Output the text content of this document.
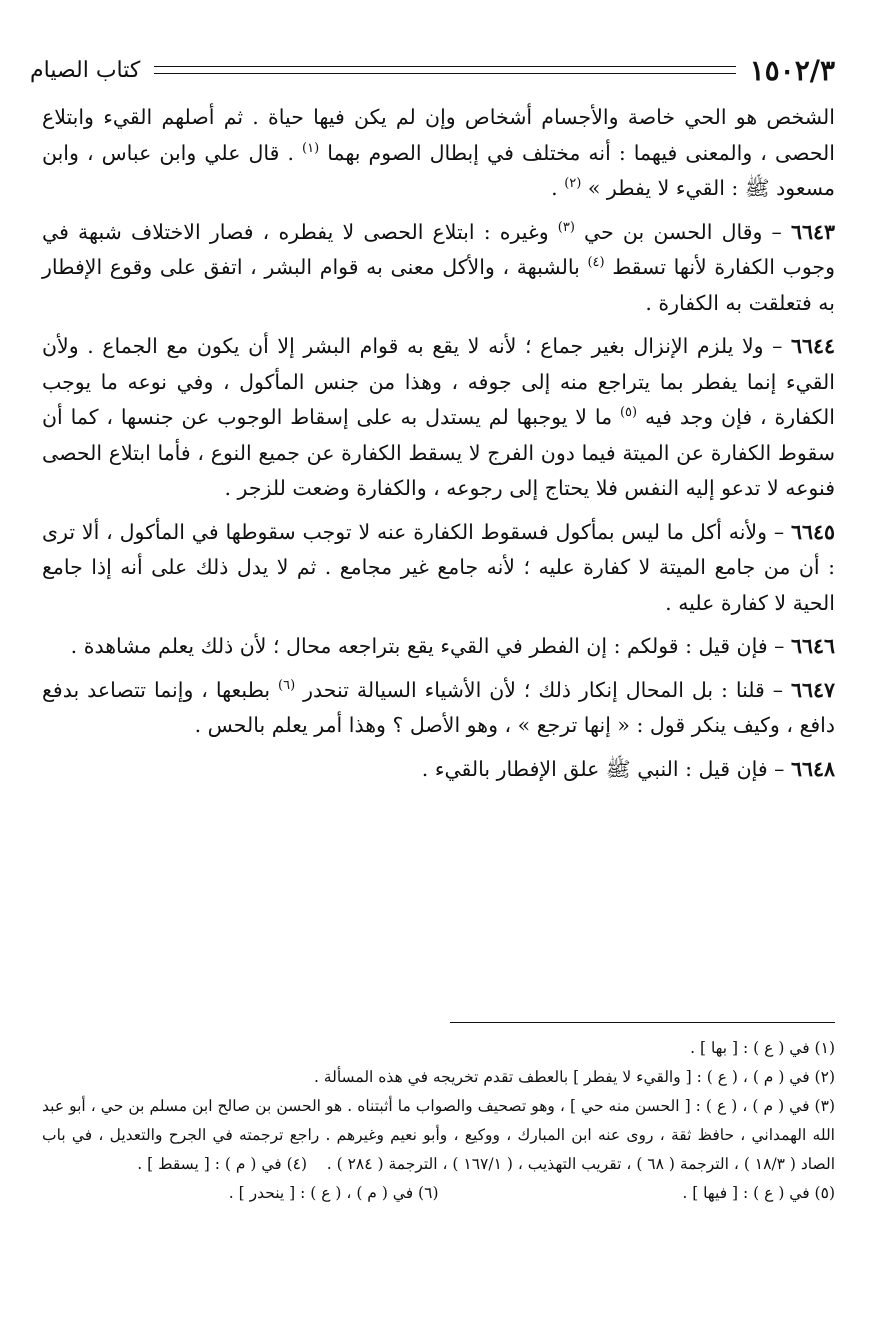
١٥٠٢/٣
كتاب الصيام

الشخص هو الحي خاصة والأجسام أشخاص وإن لم يكن فيها حياة . ثم أصلهم القيء وابتلاع الحصى ، والمعنى فيهما : أنه مختلف في إبطال الصوم بهما $^{(١)}$ . قال علي وابن عباس ، وابن مسعود ﷺ : القيء لا يفطر » $^{(٢)}$ .

٦٦٤٣ – وقال الحسن بن حي $^{(٣)}$ وغيره : ابتلاع الحصى لا يفطره ، فصار الاختلاف شبهة في وجوب الكفارة لأنها تسقط $^{(٤)}$ بالشبهة ، والأكل معنى به قوام البشر ، اتفق على وقوع الإفطار به فتعلقت به الكفارة .

٦٦٤٤ – ولا يلزم الإنزال بغير جماع ؛ لأنه لا يقع به قوام البشر إلا أن يكون مع الجماع . ولأن القيء إنما يفطر بما يتراجع منه إلى جوفه ، وهذا من جنس المأكول ، وفي نوعه ما يوجب الكفارة ، فإن وجد فيه $^{(٥)}$ ما لا يوجبها لم يستدل به على إسقاط الوجوب عن جنسها ، كما أن سقوط الكفارة عن الميتة فيما دون الفرج لا يسقط الكفارة عن جميع النوع ، فأما ابتلاع الحصى فنوعه لا تدعو إليه النفس فلا يحتاج إلى رجوعه ، والكفارة وضعت للزجر .

٦٦٤٥ – ولأنه أكل ما ليس بمأكول فسقوط الكفارة عنه لا توجب سقوطها في المأكول ، ألا ترى : أن من جامع الميتة لا كفارة عليه ؛ لأنه جامع غير مجامع . ثم لا يدل ذلك على أنه إذا جامع الحية لا كفارة عليه .

٦٦٤٦ – فإن قيل : قولكم : إن الفطر في القيء يقع بتراجعه محال ؛ لأن ذلك يعلم مشاهدة .

٦٦٤٧ – قلنا : بل المحال إنكار ذلك ؛ لأن الأشياء السيالة تنحدر $^{(٦)}$ بطبعها ، وإنما تتصاعد بدفع دافع ، وكيف ينكر قول : « إنها ترجع » ، وهو الأصل ؟ وهذا أمر يعلم بالحس .

٦٦٤٨ – فإن قيل : النبي ﷺ علق الإفطار بالقيء .

(١) في ( ع ) : [ بها ] .

(٢) في ( م ) ، ( ع ) : [ والقيء لا يفطر ] بالعطف تقدم تخريجه في هذه المسألة .

(٣) في ( م ) ، ( ع ) : [ الحسن منه حي ] ، وهو تصحيف والصواب ما أثبتناه . هو الحسن بن صالح ابن مسلم بن حي ، أبو عبد الله الهمداني ، حافظ ثقة ، روى عنه ابن المبارك ، ووكيع ، وأبو نعيم وغيرهم . راجع ترجمته في الجرح والتعديل ، في باب الصاد ( ١٨/٣ ) ، الترجمة ( ٦٨ ) ، تقريب التهذيب ، ( ١٦٧/١ ) ، الترجمة ( ٢٨٤ ) .    (٤) في ( م ) : [ يسقط ] .

(٥) في ( ع ) : [ فيها ] .
(٦) في ( م ) ، ( ع ) : [ ينحدر ] .
